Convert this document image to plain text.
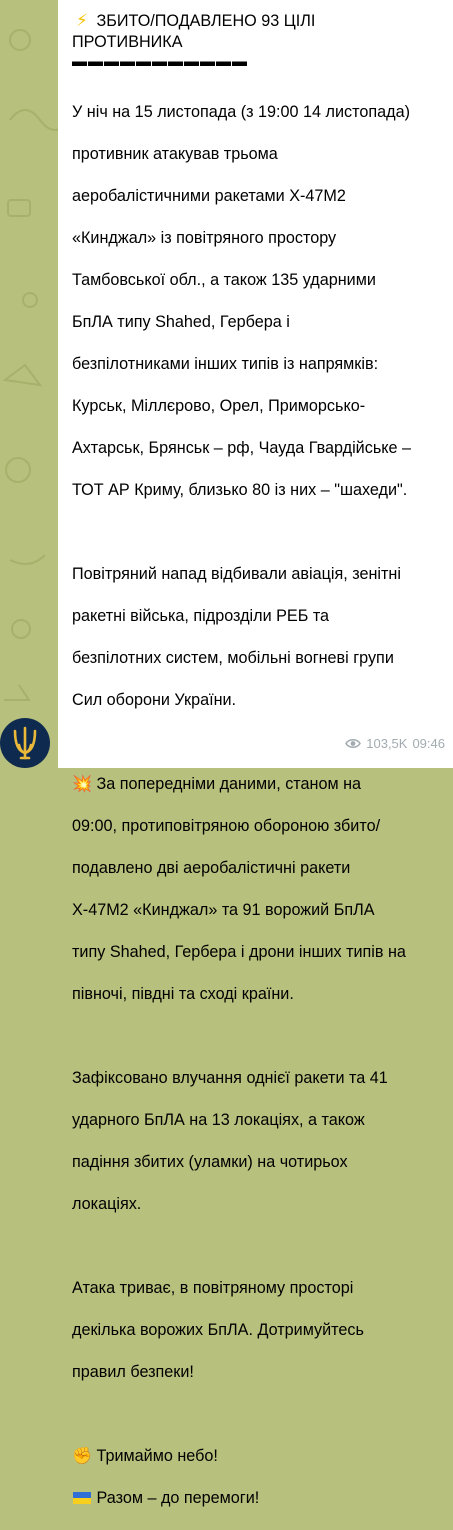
⚡ ЗБИТО/ПОДАВЛЕНО 93 ЦІЛІ
ПРОТИВНИКА
▬▬▬▬▬▬▬▬▬▬▬

У ніч на 15 листопада (з 19:00 14 листопада)

противник атакував трьома

аеробалістичними ракетами Х-47М2

«Кинджал» із повітряного простору

Тамбовської обл., а також 135 ударними

БпЛА типу Shahed, Гербера і

безпілотниками інших типів із напрямків:

Курськ, Міллєрово, Орел, Приморсько-

Ахтарськ, Брянськ – рф, Чауда Гвардійське –

ТОТ АР Криму, близько 80 із них – "шахеди".

Повітряний напад відбивали авіація, зенітні

ракетні війська, підрозділи РЕБ та

безпілотних систем, мобільні вогневі групи

Сил оборони України.

💥 За попередніми даними, станом на

09:00, протиповітряною обороною збито/

подавлено дві аеробалістичні ракети

Х-47М2 «Кинджал» та 91 ворожий БпЛА

типу Shahed, Гербера і дрони інших типів на

півночі, півдні та сході країни.

Зафіксовано влучання однієї ракети та 41

ударного БпЛА на 13 локаціях, а також

падіння збитих (уламки) на чотирьох

локаціях.

Атака триває, в повітряному просторі

декілька ворожих БпЛА. Дотримуйтесь

правил безпеки!

✊ Тримаймо небо!

Разом – до перемоги!

103,5K 09:46
